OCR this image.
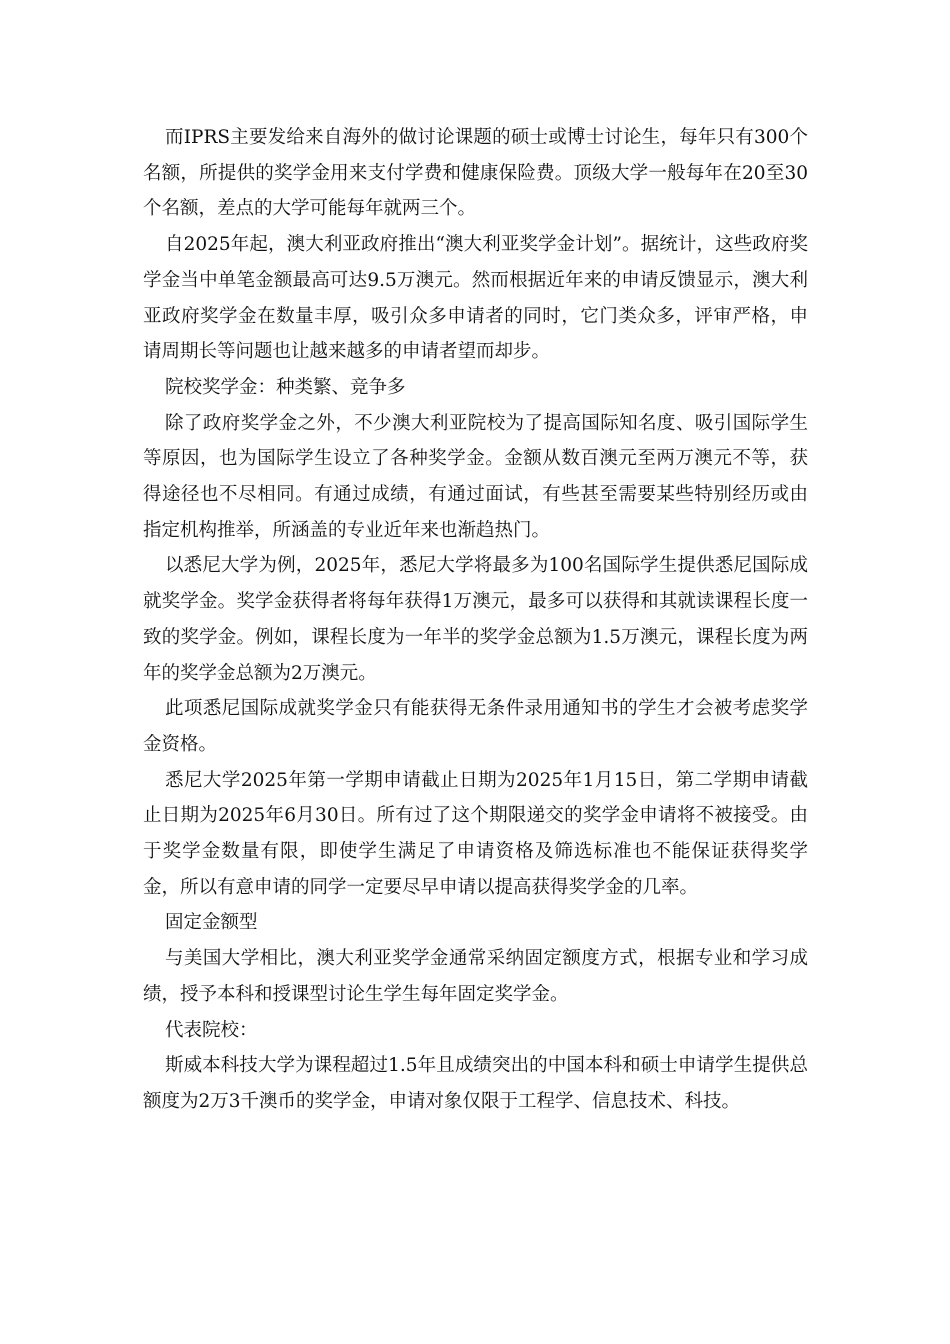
而IPRS主要发给来自海外的做讨论课题的硕士或博士讨论生，每年只有300个名额，所提供的奖学金用来支付学费和健康保险费。顶级大学一般每年在20至30个名额，差点的大学可能每年就两三个。

自2025年起，澳大利亚政府推出“澳大利亚奖学金计划”。据统计，这些政府奖学金当中单笔金额最高可达9.5万澳元。然而根据近年来的申请反馈显示，澳大利亚政府奖学金在数量丰厚，吸引众多申请者的同时，它门类众多，评审严格，申请周期长等问题也让越来越多的申请者望而却步。

院校奖学金：种类繁、竞争多

除了政府奖学金之外，不少澳大利亚院校为了提高国际知名度、吸引国际学生等原因，也为国际学生设立了各种奖学金。金额从数百澳元至两万澳元不等，获得途径也不尽相同。有通过成绩，有通过面试，有些甚至需要某些特别经历或由指定机构推举，所涵盖的专业近年来也渐趋热门。

以悉尼大学为例，2025年，悉尼大学将最多为100名国际学生提供悉尼国际成就奖学金。奖学金获得者将每年获得1万澳元，最多可以获得和其就读课程长度一致的奖学金。例如，课程长度为一年半的奖学金总额为1.5万澳元，课程长度为两年的奖学金总额为2万澳元。

此项悉尼国际成就奖学金只有能获得无条件录用通知书的学生才会被考虑奖学金资格。

悉尼大学2025年第一学期申请截止日期为2025年1月15日，第二学期申请截止日期为2025年6月30日。所有过了这个期限递交的奖学金申请将不被接受。由于奖学金数量有限，即使学生满足了申请资格及筛选标准也不能保证获得奖学金，所以有意申请的同学一定要尽早申请以提高获得奖学金的几率。

固定金额型

与美国大学相比，澳大利亚奖学金通常采纳固定额度方式，根据专业和学习成绩，授予本科和授课型讨论生学生每年固定奖学金。

代表院校：

斯威本科技大学为课程超过1.5年且成绩突出的中国本科和硕士申请学生提供总额度为2万3千澳币的奖学金，申请对象仅限于工程学、信息技术、科技。
